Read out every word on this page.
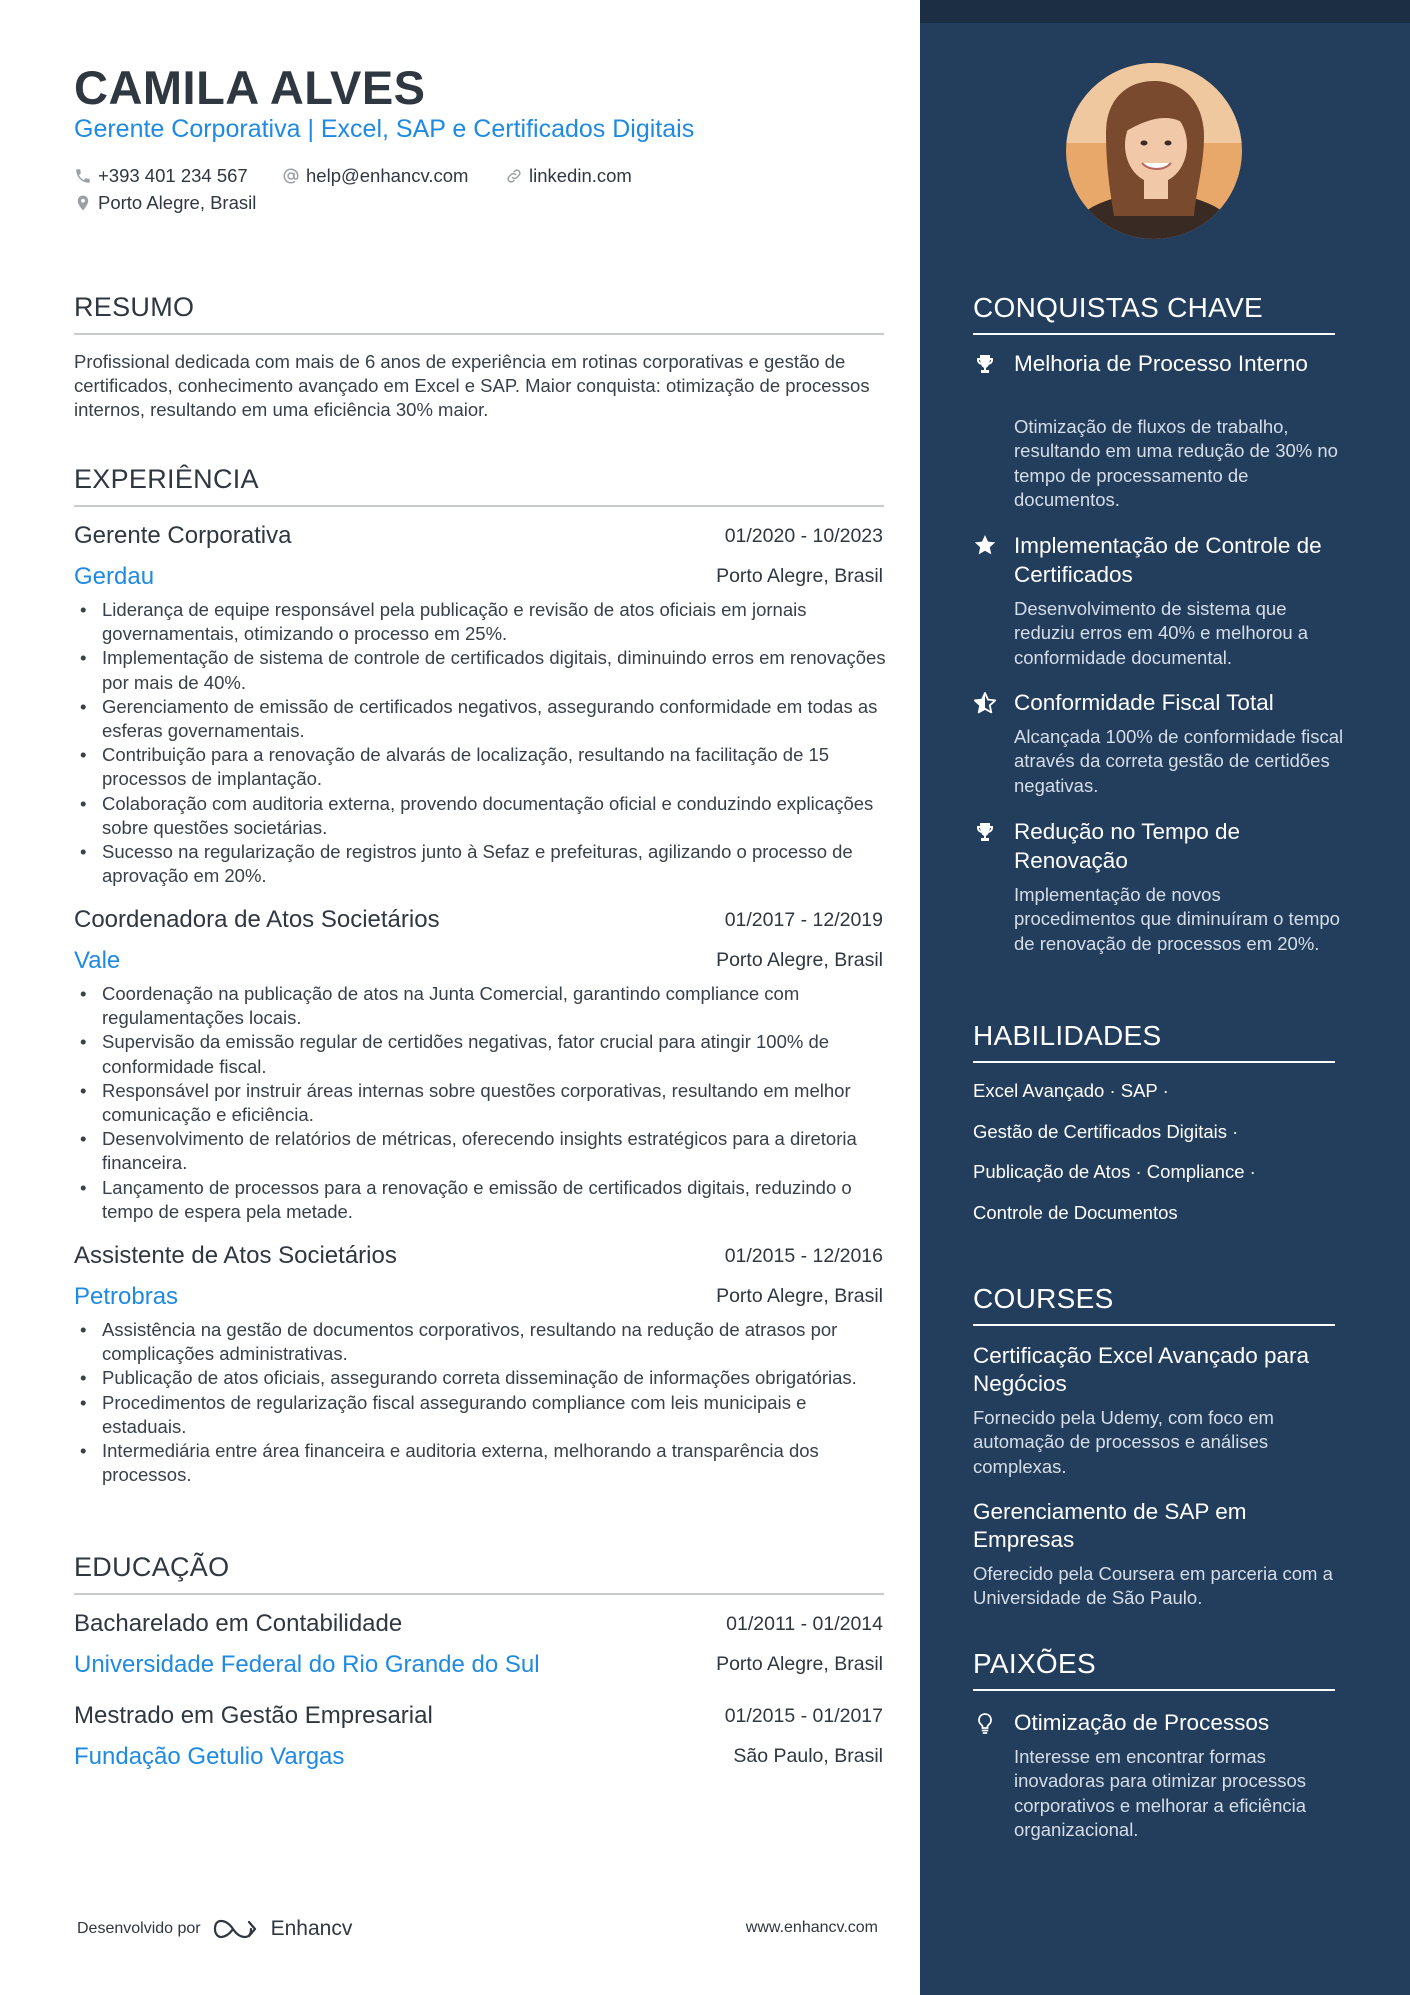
CAMILA ALVES
Gerente Corporativa | Excel, SAP e Certificados Digitais
+393 401 234 567	help@enhancv.com	linkedin.com
Porto Alegre, Brasil
RESUMO
Profissional dedicada com mais de 6 anos de experiência em rotinas corporativas e gestão de certificados, conhecimento avançado em Excel e SAP. Maior conquista: otimização de processos internos, resultando em uma eficiência 30% maior.
EXPERIÊNCIA
Gerente Corporativa	01/2020 - 10/2023
Gerdau	Porto Alegre, Brasil
• Liderança de equipe responsável pela publicação e revisão de atos oficiais em jornais governamentais, otimizando o processo em 25%.
• Implementação de sistema de controle de certificados digitais, diminuindo erros em renovações por mais de 40%.
• Gerenciamento de emissão de certificados negativos, assegurando conformidade em todas as esferas governamentais.
• Contribuição para a renovação de alvarás de localização, resultando na facilitação de 15 processos de implantação.
• Colaboração com auditoria externa, provendo documentação oficial e conduzindo explicações sobre questões societárias.
• Sucesso na regularização de registros junto à Sefaz e prefeituras, agilizando o processo de aprovação em 20%.
Coordenadora de Atos Societários	01/2017 - 12/2019
Vale	Porto Alegre, Brasil
• Coordenação na publicação de atos na Junta Comercial, garantindo compliance com regulamentações locais.
• Supervisão da emissão regular de certidões negativas, fator crucial para atingir 100% de conformidade fiscal.
• Responsável por instruir áreas internas sobre questões corporativas, resultando em melhor comunicação e eficiência.
• Desenvolvimento de relatórios de métricas, oferecendo insights estratégicos para a diretoria financeira.
• Lançamento de processos para a renovação e emissão de certificados digitais, reduzindo o tempo de espera pela metade.
Assistente de Atos Societários	01/2015 - 12/2016
Petrobras	Porto Alegre, Brasil
• Assistência na gestão de documentos corporativos, resultando na redução de atrasos por complicações administrativas.
• Publicação de atos oficiais, assegurando correta disseminação de informações obrigatórias.
• Procedimentos de regularização fiscal assegurando compliance com leis municipais e estaduais.
• Intermediária entre área financeira e auditoria externa, melhorando a transparência dos processos.
EDUCAÇÃO
Bacharelado em Contabilidade	01/2011 - 01/2014
Universidade Federal do Rio Grande do Sul	Porto Alegre, Brasil
Mestrado em Gestão Empresarial	01/2015 - 01/2017
Fundação Getulio Vargas	São Paulo, Brasil
Desenvolvido por	Enhancv	www.enhancv.com
CONQUISTAS CHAVE
Melhoria de Processo Interno
Otimização de fluxos de trabalho, resultando em uma redução de 30% no tempo de processamento de documentos.
Implementação de Controle de Certificados
Desenvolvimento de sistema que reduziu erros em 40% e melhorou a conformidade documental.
Conformidade Fiscal Total
Alcançada 100% de conformidade fiscal através da correta gestão de certidões negativas.
Redução no Tempo de Renovação
Implementação de novos procedimentos que diminuíram o tempo de renovação de processos em 20%.
HABILIDADES
Excel Avançado · SAP ·
Gestão de Certificados Digitais ·
Publicação de Atos · Compliance ·
Controle de Documentos
COURSES
Certificação Excel Avançado para Negócios
Fornecido pela Udemy, com foco em automação de processos e análises complexas.
Gerenciamento de SAP em Empresas
Oferecido pela Coursera em parceria com a Universidade de São Paulo.
PAIXÕES
Otimização de Processos
Interesse em encontrar formas inovadoras para otimizar processos corporativos e melhorar a eficiência organizacional.
